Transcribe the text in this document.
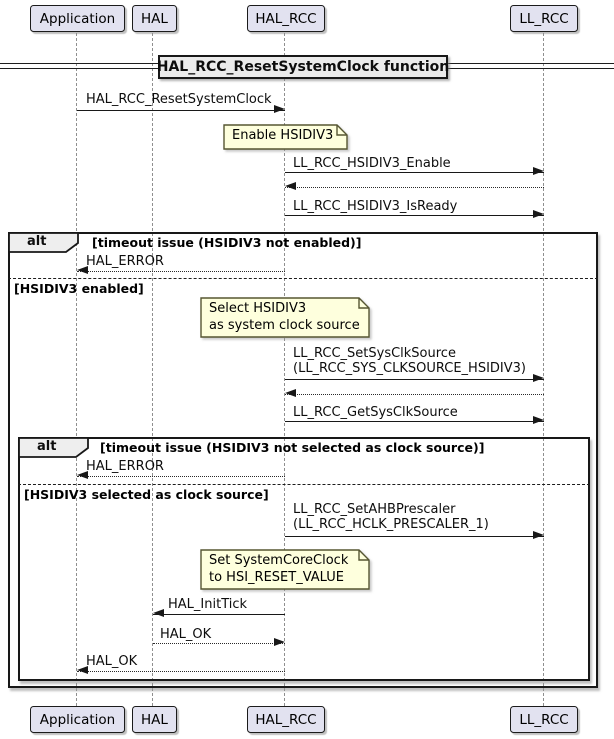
Application HAL	HAL_RCC	LL_RCC
HAL_RCC_ResetSystemClock function
HAL_RCC_ResetSystemClock
Enable HSIDIV3
LL_RCC_HSIDIV3_Enable
LL_RCC_HSIDIV3_IsReady
alt	[timeout issue (HSIDIV3 not enabled)]
HAL_ERROR
[HSIDIV3 enabled]
Select HSIDIV3
as system clock source
LL_RCC_SetSysClkSource
(LL_RCC_SYS_CLKSOURCE_HSIDIV3)
LL_RCC_GetSysClkSource
alt	[timeout issue (HSIDIV3 not selected as clock source)]
HAL_ERROR
[HSIDIV3 selected as clock source]
LL_RCC_SetAHBPrescaler
(LL_RCC_HCLK_PRESCALER_1)
Set SystemCoreClock
to HSI_RESET_VALUE
HAL_InitTick
HAL_OK
HAL_OK
Application HAL	HAL_RCC	LL_RCC
